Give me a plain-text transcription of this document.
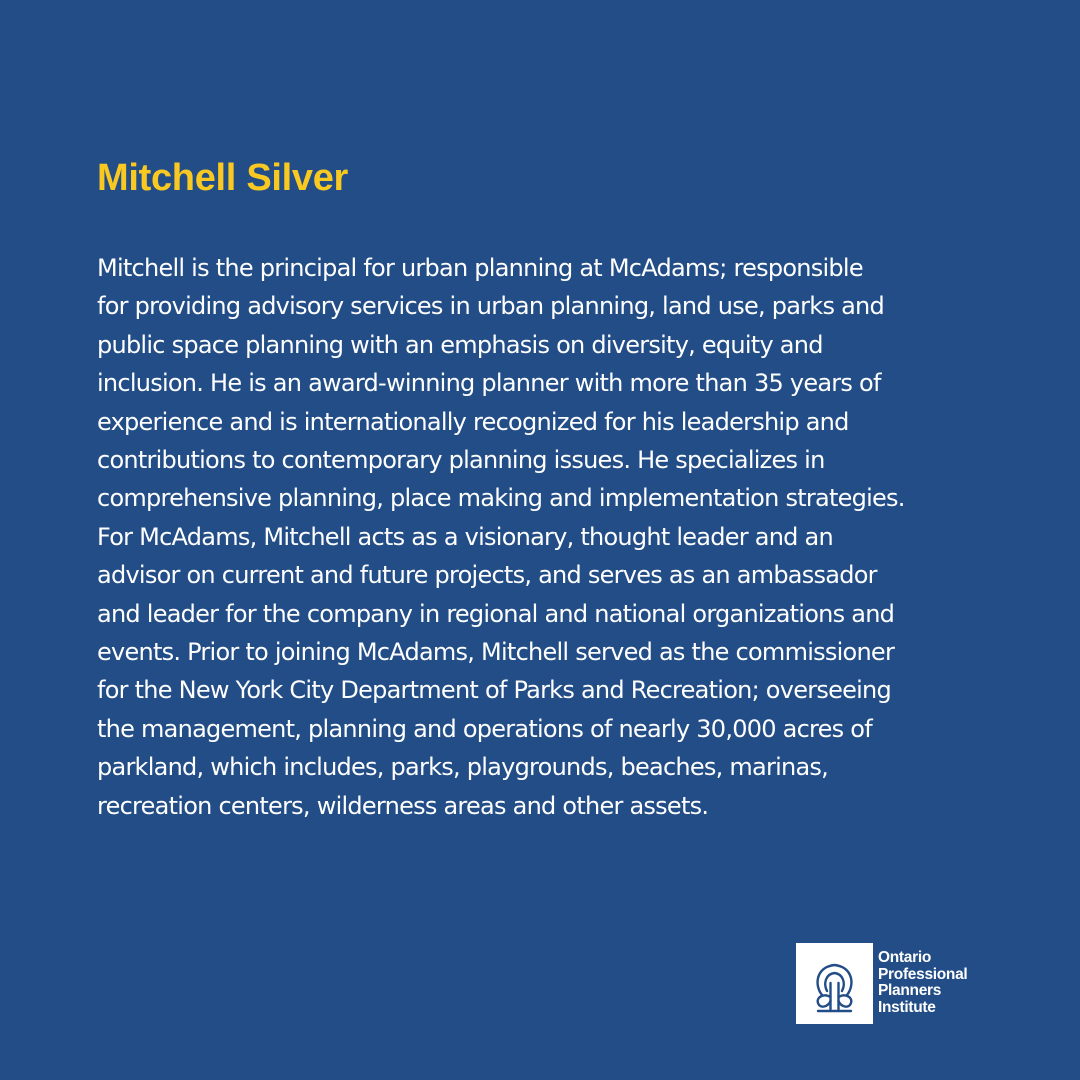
Mitchell Silver

Mitchell is the principal for urban planning at McAdams; responsible
for providing advisory services in urban planning, land use, parks and
public space planning with an emphasis on diversity, equity and
inclusion. He is an award-winning planner with more than 35 years of
experience and is internationally recognized for his leadership and
contributions to contemporary planning issues. He specializes in
comprehensive planning, place making and implementation strategies.
For McAdams, Mitchell acts as a visionary, thought leader and an
advisor on current and future projects, and serves as an ambassador
and leader for the company in regional and national organizations and
events. Prior to joining McAdams, Mitchell served as the commissioner
for the New York City Department of Parks and Recreation; overseeing
the management, planning and operations of nearly 30,000 acres of
parkland, which includes, parks, playgrounds, beaches, marinas,
recreation centers, wilderness areas and other assets.

Ontario
Professional
Planners
Institute
